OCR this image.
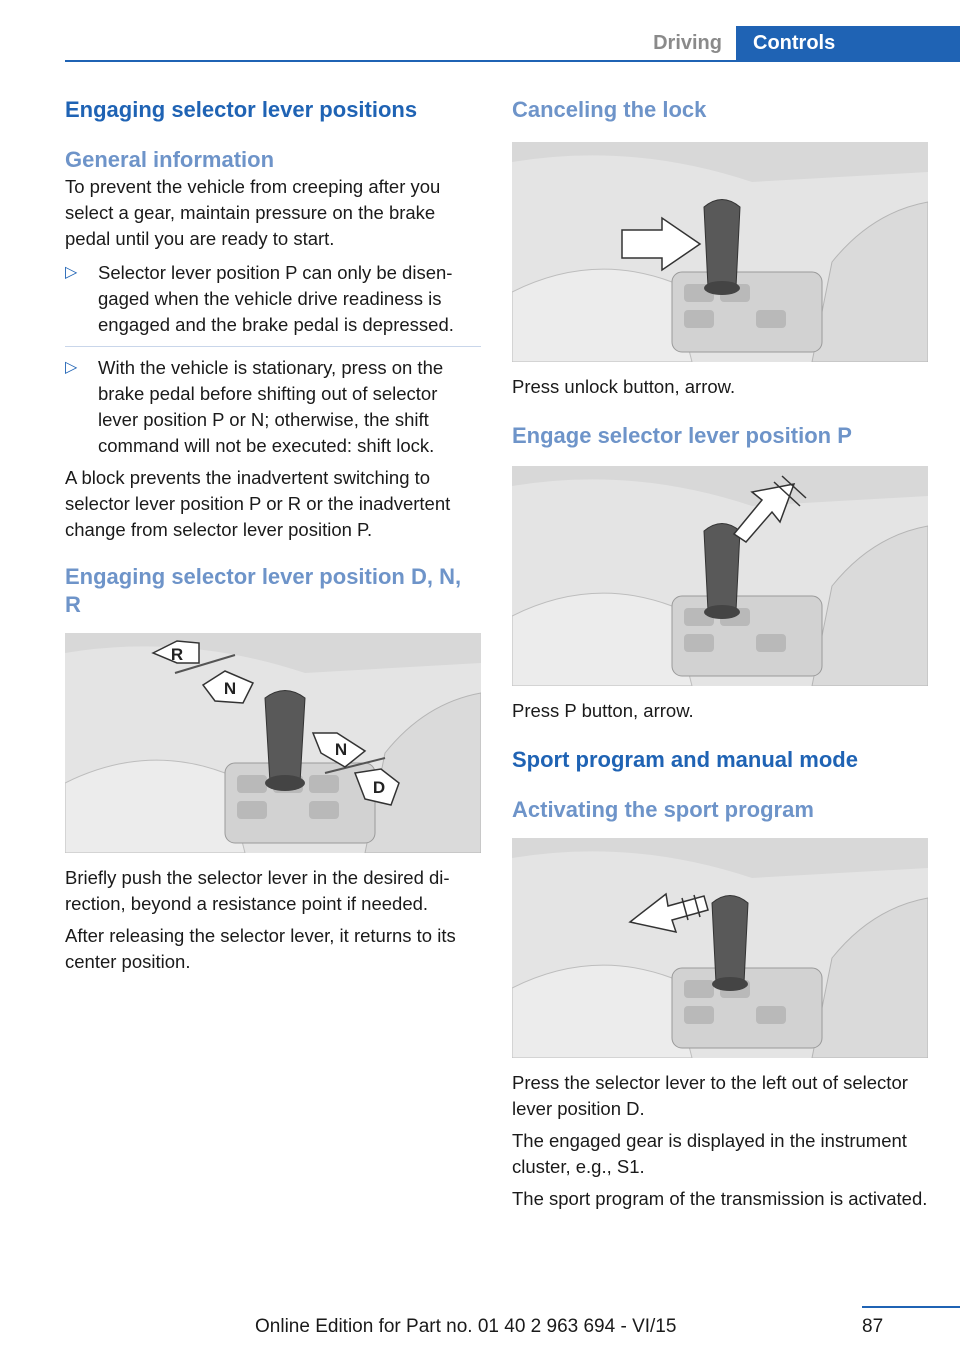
Driving	Controls
Engaging selector lever positions
General information

To prevent the vehicle from creeping after you select a gear, maintain pressure on the brake pedal until you are ready to start.

▷ Selector lever position P can only be disengaged when the vehicle drive readiness is engaged and the brake pedal is depressed.
▷ With the vehicle is stationary, press on the brake pedal before shifting out of selector lever position P or N; otherwise, the shift command will not be executed: shift lock.

A block prevents the inadvertent switching to selector lever position P or R or the inadvertent change from selector lever position P.

Engaging selector lever position D, N, R
R
N
N
D

Briefly push the selector lever in the desired direction, beyond a resistance point if needed.

After releasing the selector lever, it returns to its center position.

Canceling the lock

Press unlock button, arrow.

Engage selector lever position P

Press P button, arrow.

Sport program and manual mode
Activating the sport program

Press the selector lever to the left out of selector lever position D.

The engaged gear is displayed in the instrument cluster, e.g., S1.

The sport program of the transmission is activated.

Online Edition for Part no. 01 40 2 963 694 - VI/15	87
